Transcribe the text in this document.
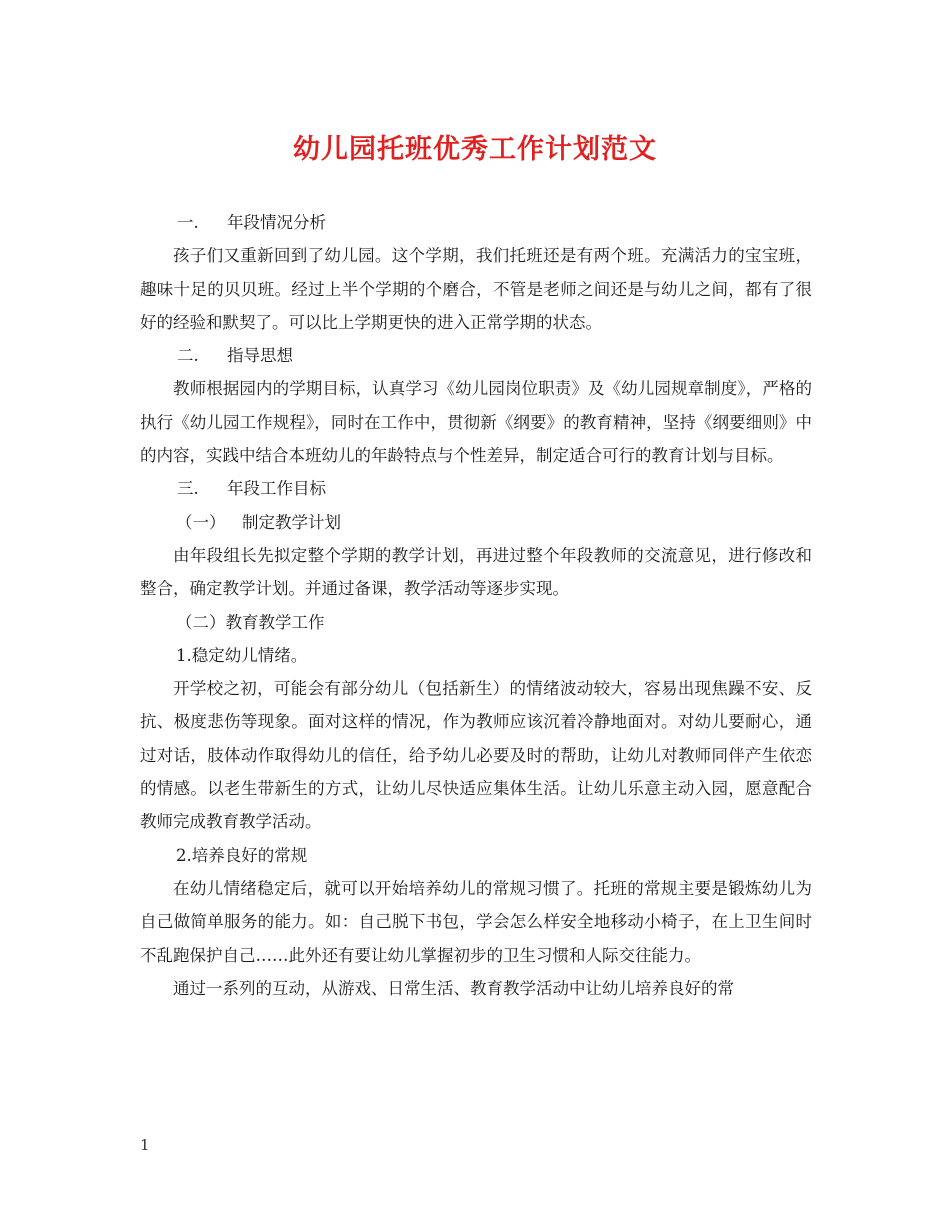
幼儿园托班优秀工作计划范文

一. 年段情况分析

孩子们又重新回到了幼儿园。这个学期，我们托班还是有两个班。充满活力的宝宝班，趣味十足的贝贝班。经过上半个学期的个磨合，不管是老师之间还是与幼儿之间，都有了很好的经验和默契了。可以比上学期更快的进入正常学期的状态。

二. 指导思想

教师根据园内的学期目标，认真学习《幼儿园岗位职责》及《幼儿园规章制度》，严格的执行《幼儿园工作规程》，同时在工作中，贯彻新《纲要》的教育精神，坚持《纲要细则》中的内容，实践中结合本班幼儿的年龄特点与个性差异，制定适合可行的教育计划与目标。

三. 年段工作目标

（一） 制定教学计划

由年段组长先拟定整个学期的教学计划，再进过整个年段教师的交流意见，进行修改和整合，确定教学计划。并通过备课，教学活动等逐步实现。

（二）教育教学工作

1.稳定幼儿情绪。

开学校之初，可能会有部分幼儿（包括新生）的情绪波动较大，容易出现焦躁不安、反抗、极度悲伤等现象。面对这样的情况，作为教师应该沉着冷静地面对。对幼儿要耐心，通过对话，肢体动作取得幼儿的信任，给予幼儿必要及时的帮助，让幼儿对教师同伴产生依恋的情感。以老生带新生的方式，让幼儿尽快适应集体生活。让幼儿乐意主动入园，愿意配合教师完成教育教学活动。

2.培养良好的常规

在幼儿情绪稳定后，就可以开始培养幼儿的常规习惯了。托班的常规主要是锻炼幼儿为自己做简单服务的能力。如：自己脱下书包，学会怎么样安全地移动小椅子，在上卫生间时不乱跑保护自己……此外还有要让幼儿掌握初步的卫生习惯和人际交往能力。

通过一系列的互动，从游戏、日常生活、教育教学活动中让幼儿培养良好的常

1
